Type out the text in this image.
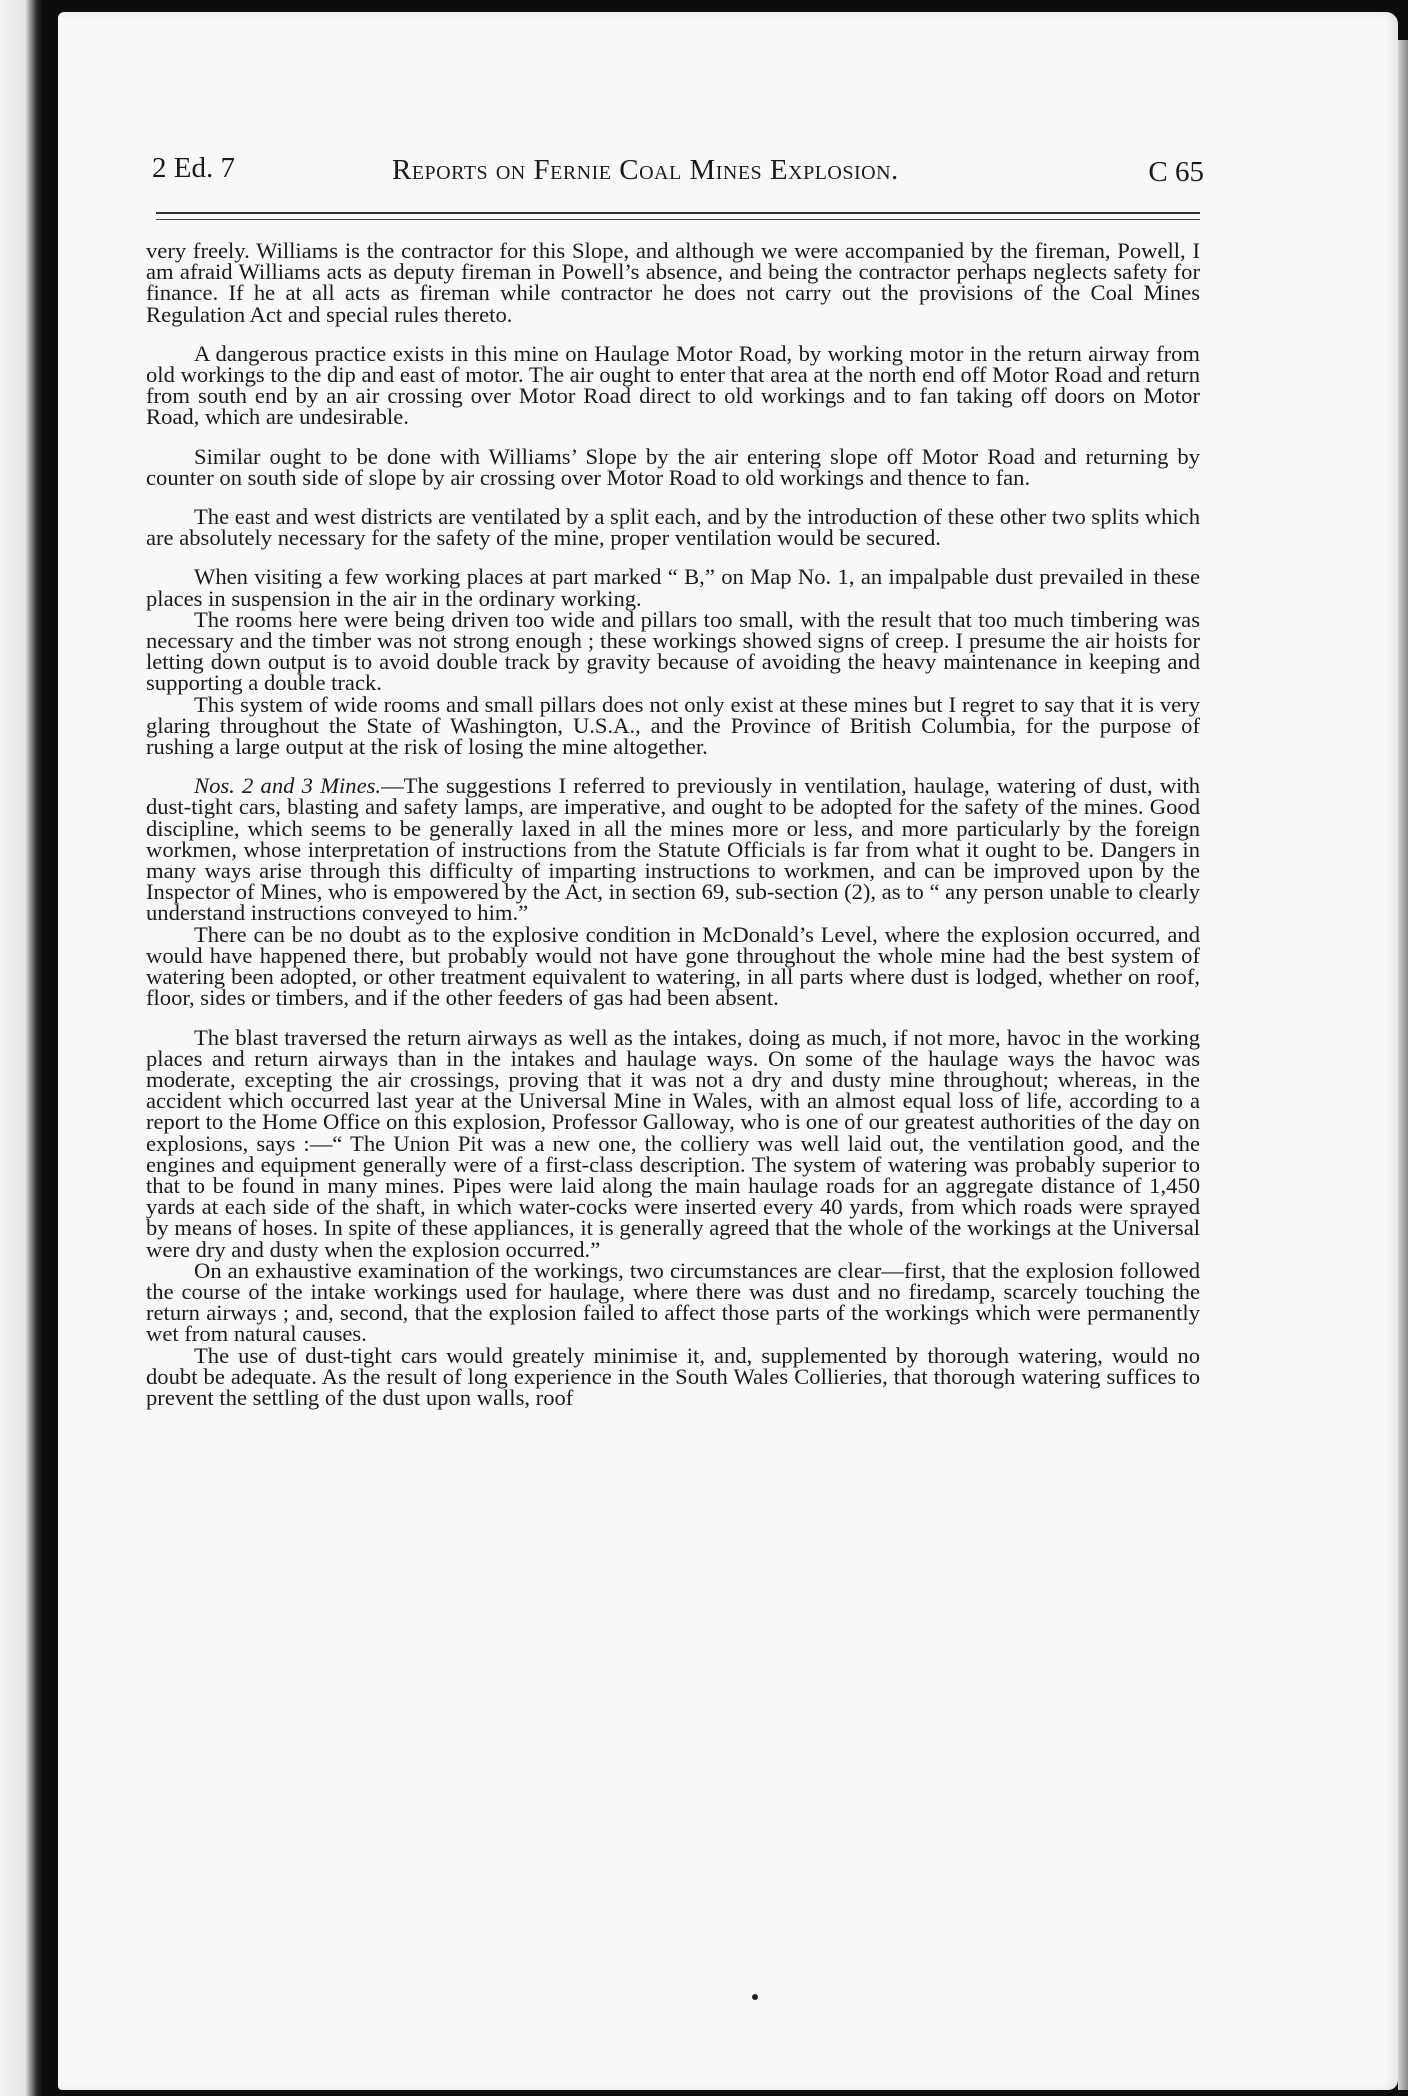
2 Ed. 7	Reports on Fernie Coal Mines Explosion.	C 65

very freely. Williams is the contractor for this Slope, and although we were accompanied by the fireman, Powell, I am afraid Williams acts as deputy fireman in Powell’s absence, and being the contractor perhaps neglects safety for finance. If he at all acts as fireman while contractor he does not carry out the provisions of the Coal Mines Regulation Act and special rules thereto.

A dangerous practice exists in this mine on Haulage Motor Road, by working motor in the return airway from old workings to the dip and east of motor. The air ought to enter that area at the north end off Motor Road and return from south end by an air crossing over Motor Road direct to old workings and to fan taking off doors on Motor Road, which are undesirable.

Similar ought to be done with Williams’ Slope by the air entering slope off Motor Road and returning by counter on south side of slope by air crossing over Motor Road to old workings and thence to fan.

The east and west districts are ventilated by a split each, and by the introduction of these other two splits which are absolutely necessary for the safety of the mine, proper ventilation would be secured.

When visiting a few working places at part marked “ B,” on Map No. 1, an impalpable dust prevailed in these places in suspension in the air in the ordinary working.

The rooms here were being driven too wide and pillars too small, with the result that too much timbering was necessary and the timber was not strong enough ; these workings showed signs of creep. I presume the air hoists for letting down output is to avoid double track by gravity because of avoiding the heavy maintenance in keeping and supporting a double track.

This system of wide rooms and small pillars does not only exist at these mines but I regret to say that it is very glaring throughout the State of Washington, U.S.A., and the Province of British Columbia, for the purpose of rushing a large output at the risk of losing the mine altogether.

Nos. 2 and 3 Mines.—The suggestions I referred to previously in ventilation, haulage, watering of dust, with dust-tight cars, blasting and safety lamps, are imperative, and ought to be adopted for the safety of the mines. Good discipline, which seems to be generally laxed in all the mines more or less, and more particularly by the foreign workmen, whose interpretation of instructions from the Statute Officials is far from what it ought to be. Dangers in many ways arise through this difficulty of imparting instructions to workmen, and can be improved upon by the Inspector of Mines, who is empowered by the Act, in section 69, sub-section (2), as to “ any person unable to clearly understand instructions conveyed to him.”

There can be no doubt as to the explosive condition in McDonald’s Level, where the explosion occurred, and would have happened there, but probably would not have gone throughout the whole mine had the best system of watering been adopted, or other treatment equivalent to watering, in all parts where dust is lodged, whether on roof, floor, sides or timbers, and if the other feeders of gas had been absent.

The blast traversed the return airways as well as the intakes, doing as much, if not more, havoc in the working places and return airways than in the intakes and haulage ways. On some of the haulage ways the havoc was moderate, excepting the air crossings, proving that it was not a dry and dusty mine throughout; whereas, in the accident which occurred last year at the Universal Mine in Wales, with an almost equal loss of life, according to a report to the Home Office on this explosion, Professor Galloway, who is one of our greatest authorities of the day on explosions, says :—“ The Union Pit was a new one, the colliery was well laid out, the ventilation good, and the engines and equipment generally were of a first-class description. The system of watering was probably superior to that to be found in many mines. Pipes were laid along the main haulage roads for an aggregate distance of 1,450 yards at each side of the shaft, in which water-cocks were inserted every 40 yards, from which roads were sprayed by means of hoses. In spite of these appliances, it is generally agreed that the whole of the workings at the Universal were dry and dusty when the explosion occurred.”

On an exhaustive examination of the workings, two circumstances are clear—first, that the explosion followed the course of the intake workings used for haulage, where there was dust and no firedamp, scarcely touching the return airways ; and, second, that the explosion failed to affect those parts of the workings which were permanently wet from natural causes.

The use of dust-tight cars would greately minimise it, and, supplemented by thorough watering, would no doubt be adequate. As the result of long experience in the South Wales Collieries, that thorough watering suffices to prevent the settling of the dust upon walls, roof
